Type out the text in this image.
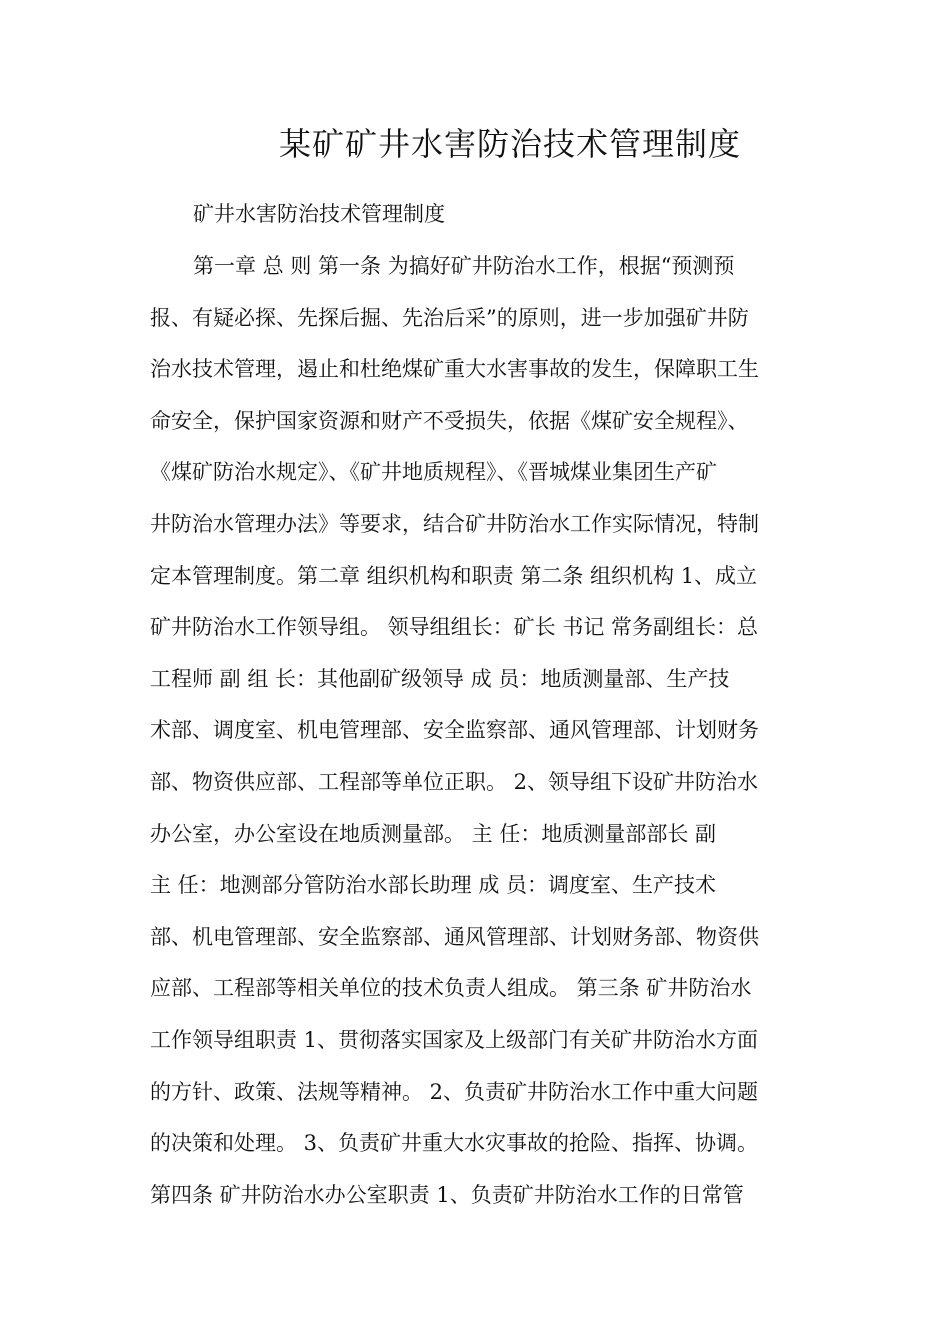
某矿矿井水害防治技术管理制度
矿井水害防治技术管理制度
第一章 总 则 第一条 为搞好矿井防治水工作，根据“预测预
报、有疑必探、先探后掘、先治后采”的原则，进一步加强矿井防
治水技术管理，遏止和杜绝煤矿重大水害事故的发生，保障职工生
命安全，保护国家资源和财产不受损失，依据《煤矿安全规程》、
《煤矿防治水规定》、《矿井地质规程》、《晋城煤业集团生产矿
井防治水管理办法》等要求，结合矿井防治水工作实际情况，特制
定本管理制度。第二章 组织机构和职责 第二条 组织机构 1、成立
矿井防治水工作领导组。 领导组组长：矿长 书记 常务副组长：总
工程师 副 组 长：其他副矿级领导 成 员：地质测量部、生产技
术部、调度室、机电管理部、安全监察部、通风管理部、计划财务
部、物资供应部、工程部等单位正职。 2、领导组下设矿井防治水
办公室，办公室设在地质测量部。 主 任：地质测量部部长 副
主 任：地测部分管防治水部长助理 成 员：调度室、生产技术
部、机电管理部、安全监察部、通风管理部、计划财务部、物资供
应部、工程部等相关单位的技术负责人组成。 第三条 矿井防治水
工作领导组职责 1、贯彻落实国家及上级部门有关矿井防治水方面
的方针、政策、法规等精神。 2、负责矿井防治水工作中重大问题
的决策和处理。 3、负责矿井重大水灾事故的抢险、指挥、协调。
第四条 矿井防治水办公室职责 1、负责矿井防治水工作的日常管
